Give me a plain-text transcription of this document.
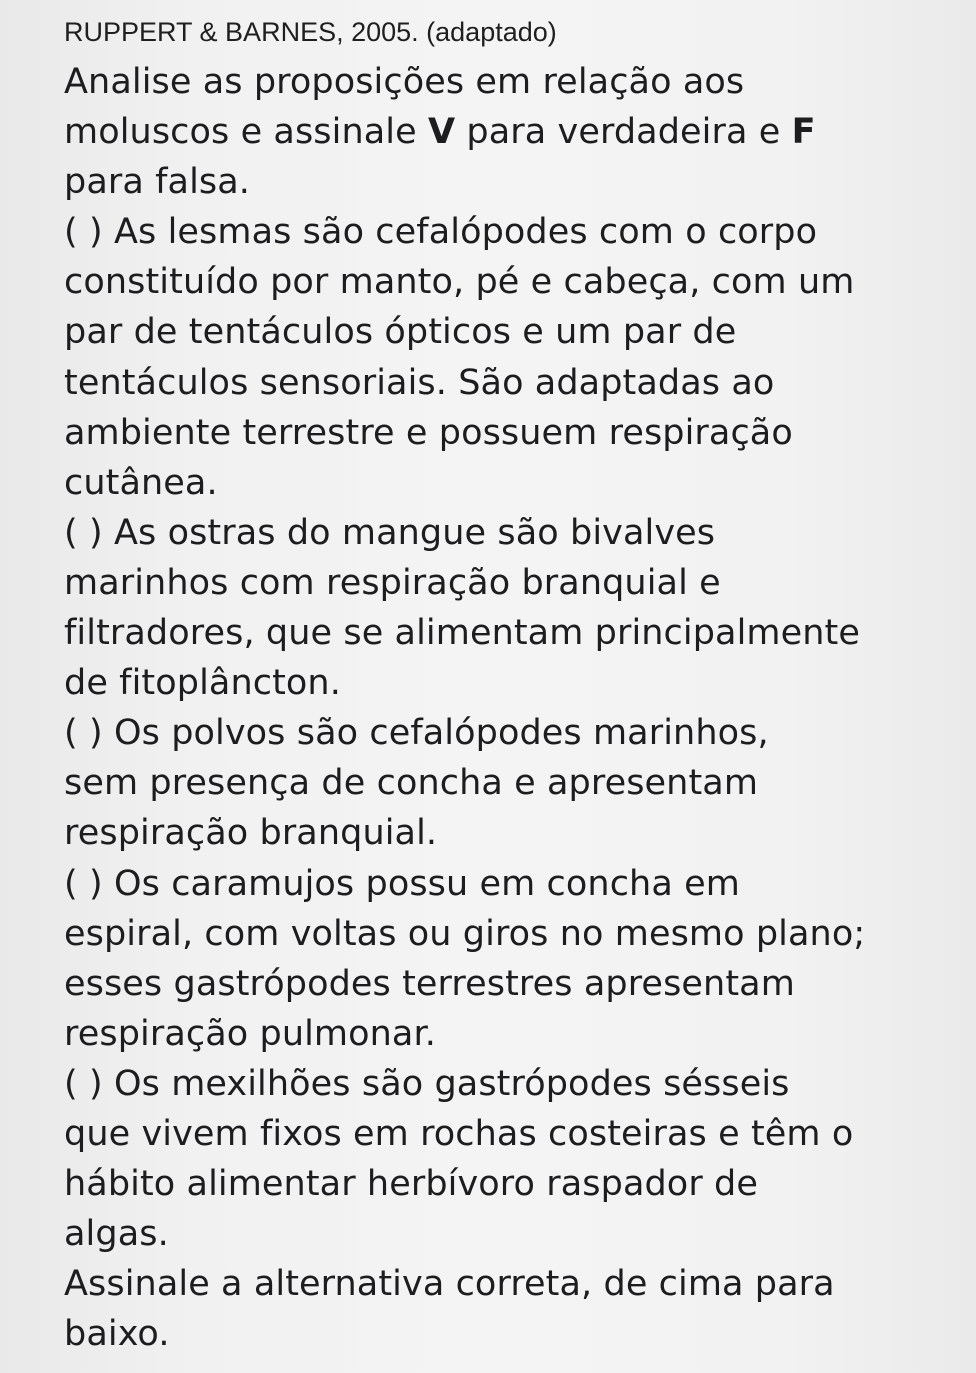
RUPPERT & BARNES, 2005. (adaptado)
Analise as proposições em relação aos
moluscos e assinale V para verdadeira e F
para falsa.
( ) As lesmas são cefalópodes com o corpo
constituído por manto, pé e cabeça, com um
par de tentáculos ópticos e um par de
tentáculos sensoriais. São adaptadas ao
ambiente terrestre e possuem respiração
cutânea.
( ) As ostras do mangue são bivalves
marinhos com respiração branquial e
filtradores, que se alimentam principalmente
de fitoplâncton.
( ) Os polvos são cefalópodes marinhos,
sem presença de concha e apresentam
respiração branquial.
( ) Os caramujos possu em concha em
espiral, com voltas ou giros no mesmo plano;
esses gastrópodes terrestres apresentam
respiração pulmonar.
( ) Os mexilhões são gastrópodes sésseis
que vivem fixos em rochas costeiras e têm o
hábito alimentar herbívoro raspador de
algas.
Assinale a alternativa correta, de cima para
baixo.
